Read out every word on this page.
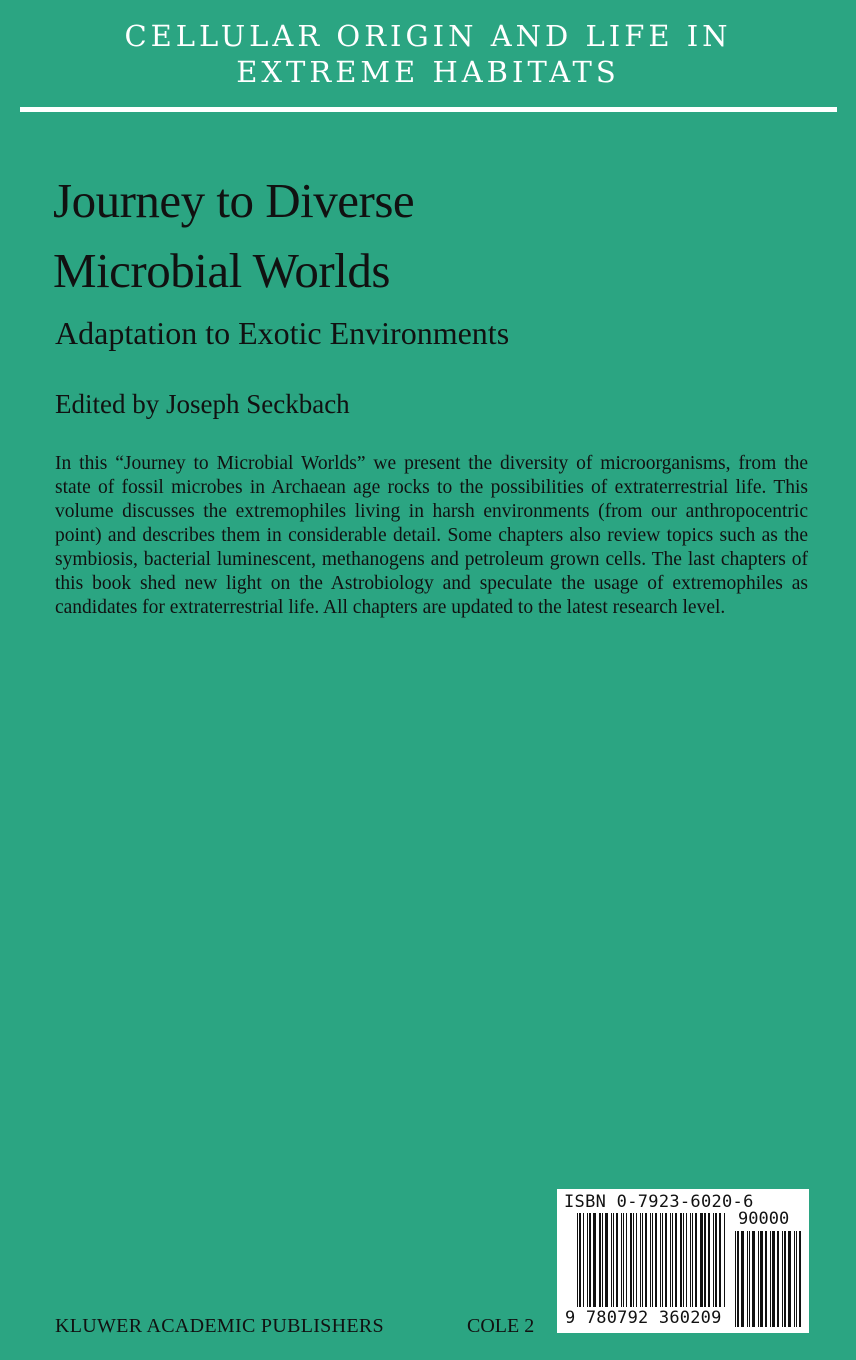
CELLULAR ORIGIN AND LIFE IN
EXTREME HABITATS
Journey to Diverse
Microbial Worlds
Adaptation to Exotic Environments
Edited by Joseph Seckbach
In this “Journey to Microbial Worlds” we present the diversity of microorganisms, from the state of fossil microbes in Archaean age rocks to the possibilities of extraterrestrial life. This volume discusses the extremophiles living in harsh environments (from our anthropocentric point) and describes them in considerable detail. Some chapters also review topics such as the symbiosis, bacterial luminescent, methanogens and petroleum grown cells. The last chapters of this book shed new light on the Astrobiology and speculate the usage of extremophiles as candidates for extraterrestrial life. All chapters are updated to the latest research level.
KLUWER ACADEMIC PUBLISHERS	COLE 2
ISBN 0-7923-6020-6
90000
9 780792 360209
